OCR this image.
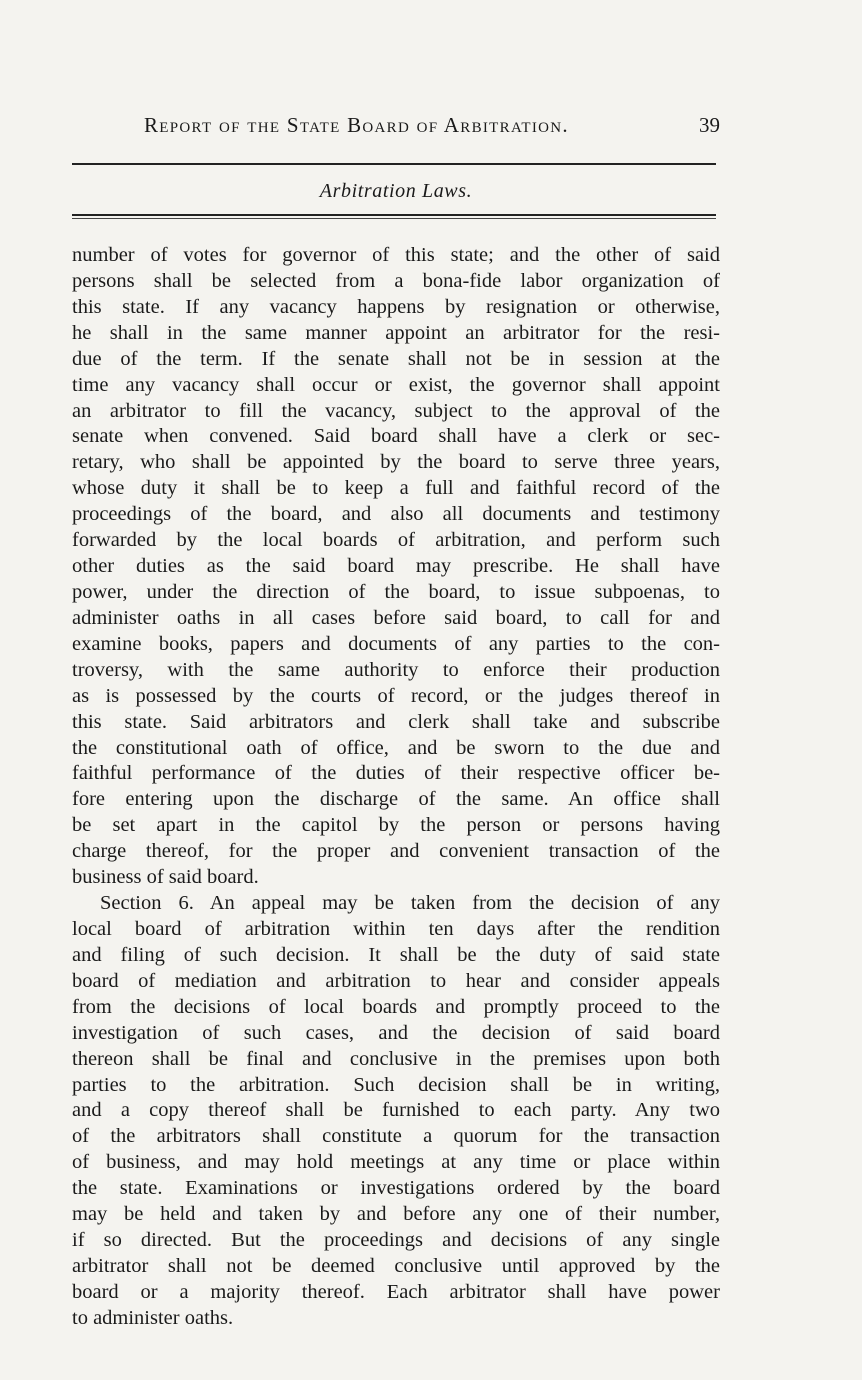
Report of the State Board of Arbitration.	39
Arbitration Laws.
number of votes for governor of this state; and the other of said
persons shall be selected from a bona-fide labor organization of
this state. If any vacancy happens by resignation or otherwise,
he shall in the same manner appoint an arbitrator for the resi-
due of the term. If the senate shall not be in session at the
time any vacancy shall occur or exist, the governor shall appoint
an arbitrator to fill the vacancy, subject to the approval of the
senate when convened. Said board shall have a clerk or sec-
retary, who shall be appointed by the board to serve three years,
whose duty it shall be to keep a full and faithful record of the
proceedings of the board, and also all documents and testimony
forwarded by the local boards of arbitration, and perform such
other duties as the said board may prescribe. He shall have
power, under the direction of the board, to issue subpoenas, to
administer oaths in all cases before said board, to call for and
examine books, papers and documents of any parties to the con-
troversy, with the same authority to enforce their production
as is possessed by the courts of record, or the judges thereof in
this state. Said arbitrators and clerk shall take and subscribe
the constitutional oath of office, and be sworn to the due and
faithful performance of the duties of their respective officer be-
fore entering upon the discharge of the same. An office shall
be set apart in the capitol by the person or persons having
charge thereof, for the proper and convenient transaction of the
business of said board.
Section 6. An appeal may be taken from the decision of any
local board of arbitration within ten days after the rendition
and filing of such decision. It shall be the duty of said state
board of mediation and arbitration to hear and consider appeals
from the decisions of local boards and promptly proceed to the
investigation of such cases, and the decision of said board
thereon shall be final and conclusive in the premises upon both
parties to the arbitration. Such decision shall be in writing,
and a copy thereof shall be furnished to each party. Any two
of the arbitrators shall constitute a quorum for the transaction
of business, and may hold meetings at any time or place within
the state. Examinations or investigations ordered by the board
may be held and taken by and before any one of their number,
if so directed. But the proceedings and decisions of any single
arbitrator shall not be deemed conclusive until approved by the
board or a majority thereof. Each arbitrator shall have power
to administer oaths.
